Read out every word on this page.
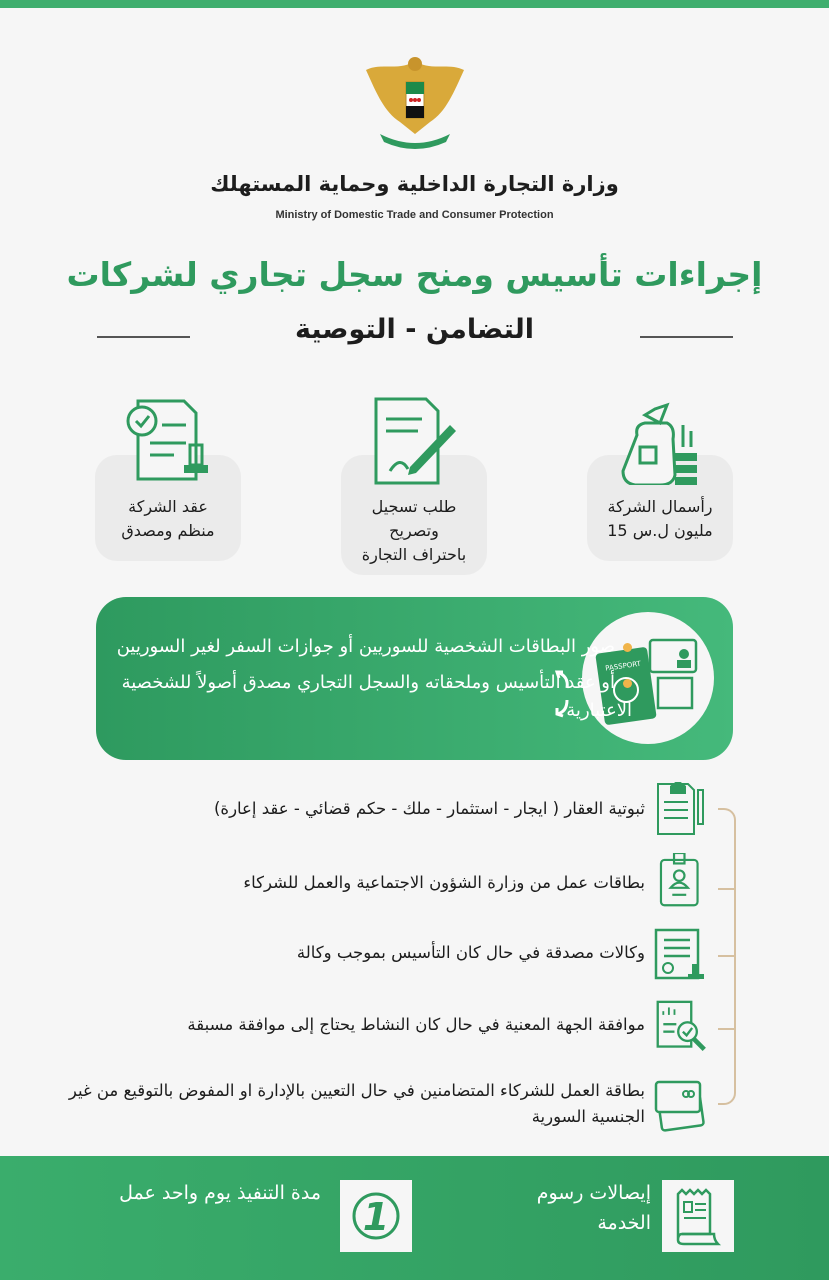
وزارة التجارة الداخلية وحماية المستهلك
Ministry of Domestic Trade and Consumer Protection
إجراءات تأسيس ومنح سجل تجاري لشركات
التضامن - التوصية
رأسمال الشركة
15 مليون ل.س
طلب تسجيل وتصريح
باحتراف التجارة
عقد الشركة
منظم ومصدق
PASSPORT
صور البطاقات الشخصية للسوريين أو جوازات السفر لغير السوريين
أو عقد التأسيس وملحقاته والسجل التجاري مصدق أصولاً للشخصية الاعتبارية
ثبوتية العقار ( ايجار - استثمار - ملك - حكم قضائي - عقد إعارة)
بطاقات عمل من وزارة الشؤون الاجتماعية والعمل للشركاء
وكالات مصدقة في حال كان التأسيس بموجب وكالة
موافقة الجهة المعنية في حال كان النشاط يحتاج إلى موافقة مسبقة
بطاقة العمل للشركاء المتضامنين في حال التعيين بالإدارة او المفوض بالتوقيع من غير الجنسية السورية
إيصالات رسوم الخدمة
1
مدة التنفيذ يوم واحد عمل
